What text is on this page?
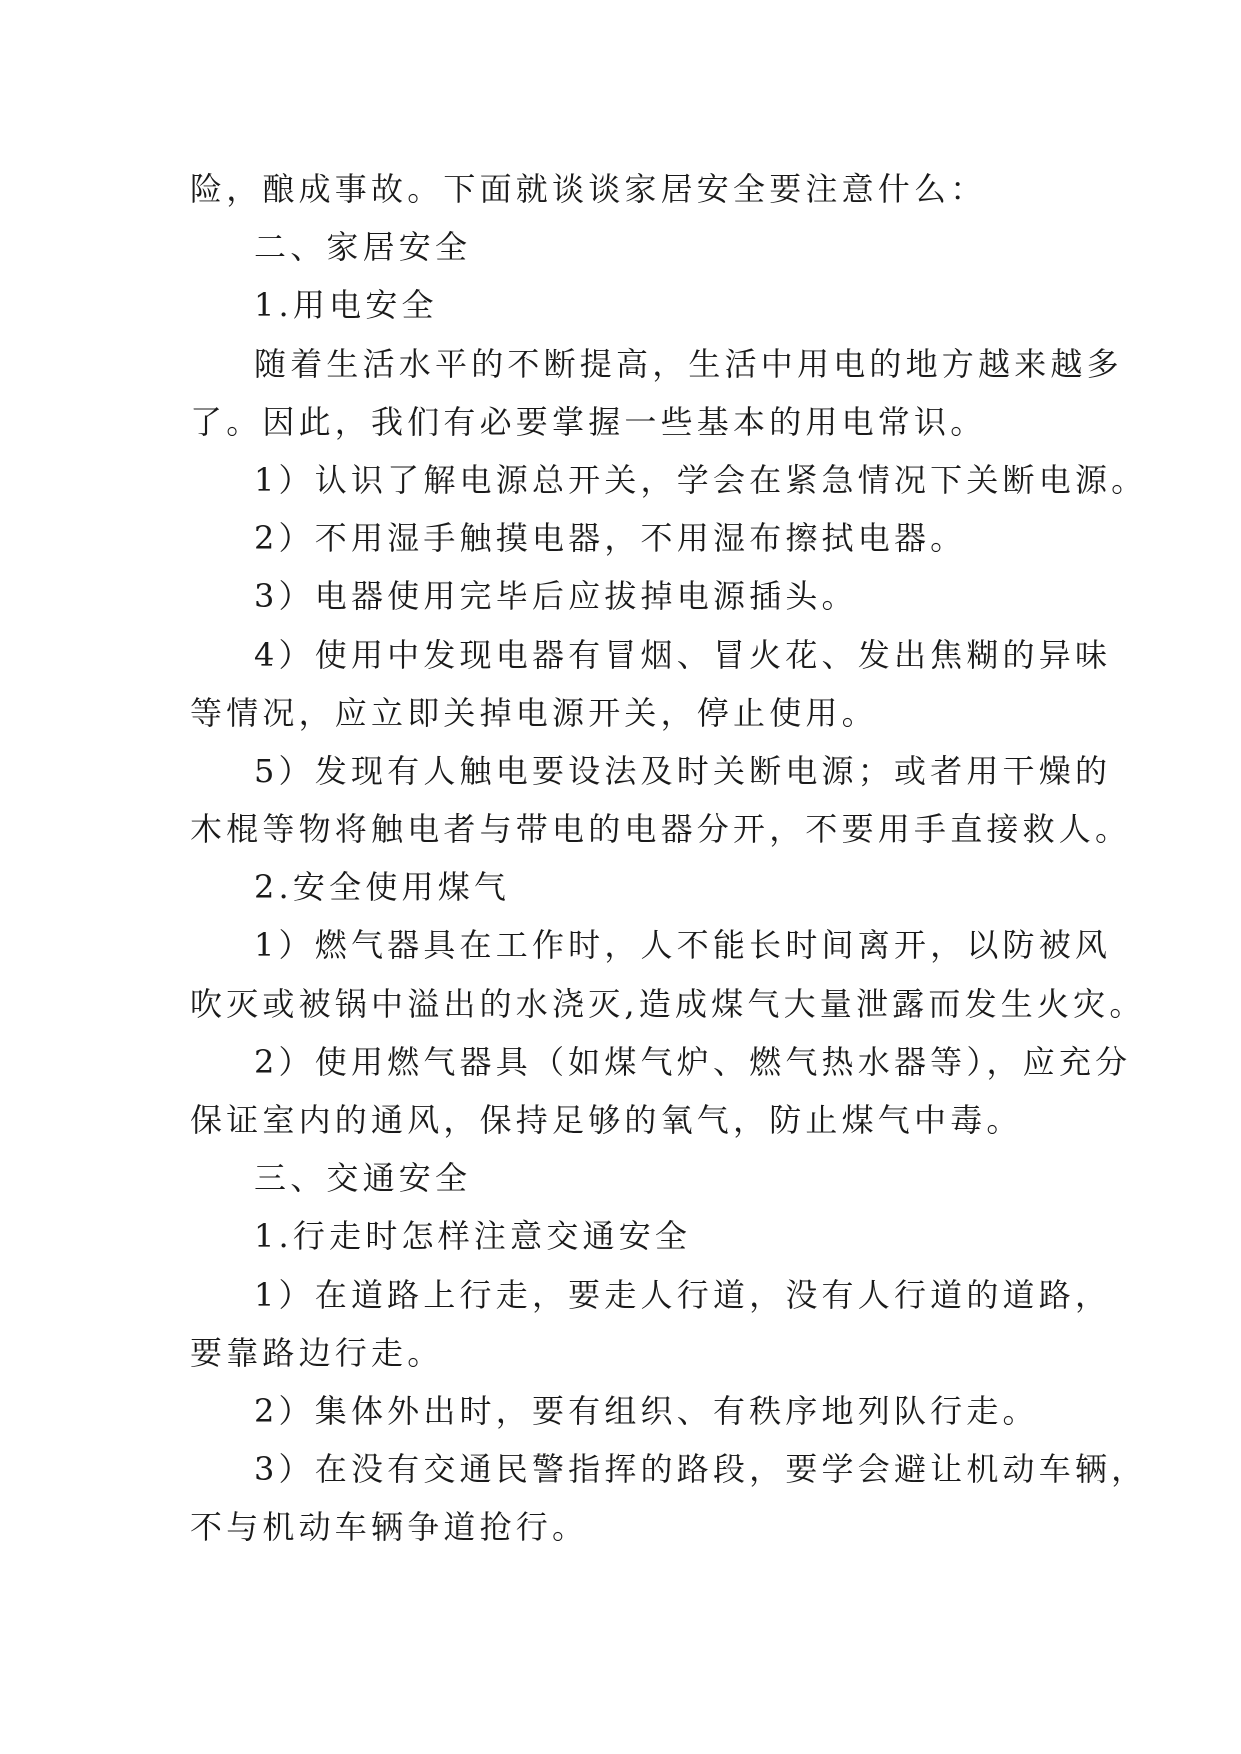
险，酿成事故。下面就谈谈家居安全要注意什么：
二、家居安全
1.用电安全
随着生活水平的不断提高，生活中用电的地方越来越多
了。因此，我们有必要掌握一些基本的用电常识。
1）认识了解电源总开关，学会在紧急情况下关断电源。
2）不用湿手触摸电器，不用湿布擦拭电器。
3）电器使用完毕后应拔掉电源插头。
4）使用中发现电器有冒烟、冒火花、发出焦糊的异味
等情况，应立即关掉电源开关，停止使用。
5）发现有人触电要设法及时关断电源；或者用干燥的
木棍等物将触电者与带电的电器分开，不要用手直接救人。
2.安全使用煤气
1）燃气器具在工作时，人不能长时间离开，以防被风
吹灭或被锅中溢出的水浇灭,造成煤气大量泄露而发生火灾。
2）使用燃气器具（如煤气炉、燃气热水器等），应充分
保证室内的通风，保持足够的氧气，防止煤气中毒。
三、交通安全
1.行走时怎样注意交通安全
1）在道路上行走，要走人行道，没有人行道的道路，
要靠路边行走。
2）集体外出时，要有组织、有秩序地列队行走。
3）在没有交通民警指挥的路段，要学会避让机动车辆，
不与机动车辆争道抢行。
